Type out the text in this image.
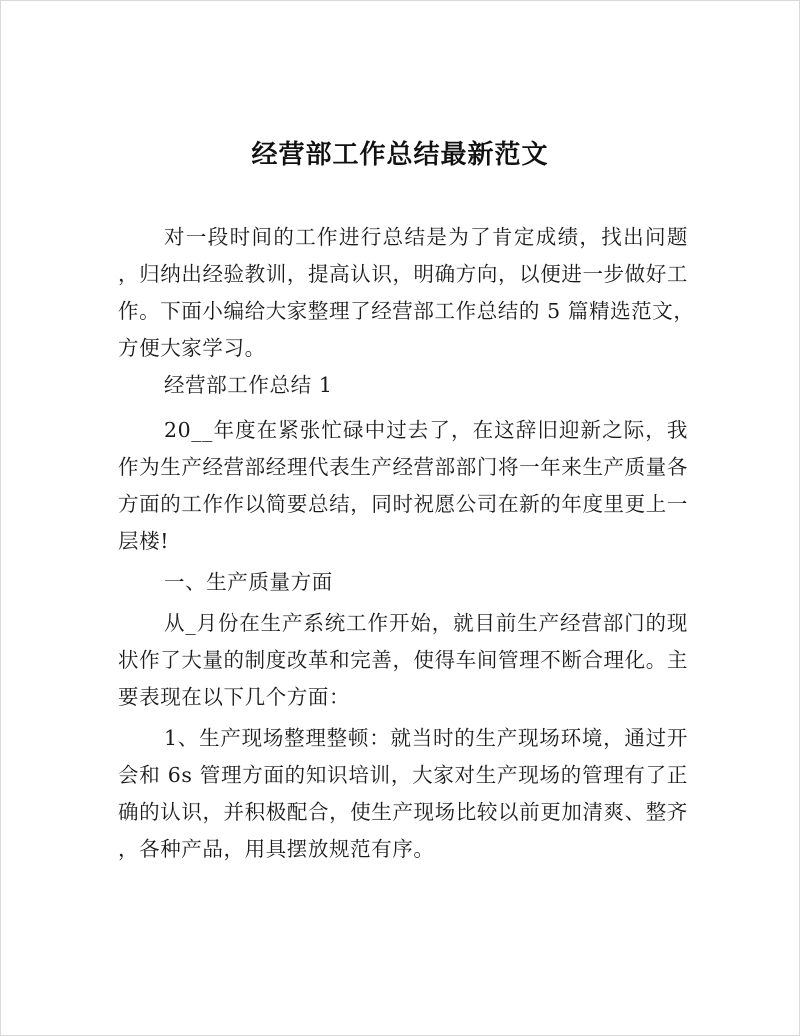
经营部工作总结最新范文
对一段时间的工作进行总结是为了肯定成绩，找出问题
，归纳出经验教训，提高认识，明确方向，以便进一步做好工
作。下面小编给大家整理了经营部工作总结的 5 篇精选范文，
方便大家学习。
经营部工作总结 1
20__年度在紧张忙碌中过去了，在这辞旧迎新之际，我
作为生产经营部经理代表生产经营部部门将一年来生产质量各
方面的工作作以简要总结，同时祝愿公司在新的年度里更上一
层楼!
一、生产质量方面
从_月份在生产系统工作开始，就目前生产经营部门的现
状作了大量的制度改革和完善，使得车间管理不断合理化。主
要表现在以下几个方面：
1、生产现场整理整顿：就当时的生产现场环境，通过开
会和 6s 管理方面的知识培训，大家对生产现场的管理有了正
确的认识，并积极配合，使生产现场比较以前更加清爽、整齐
，各种产品，用具摆放规范有序。
